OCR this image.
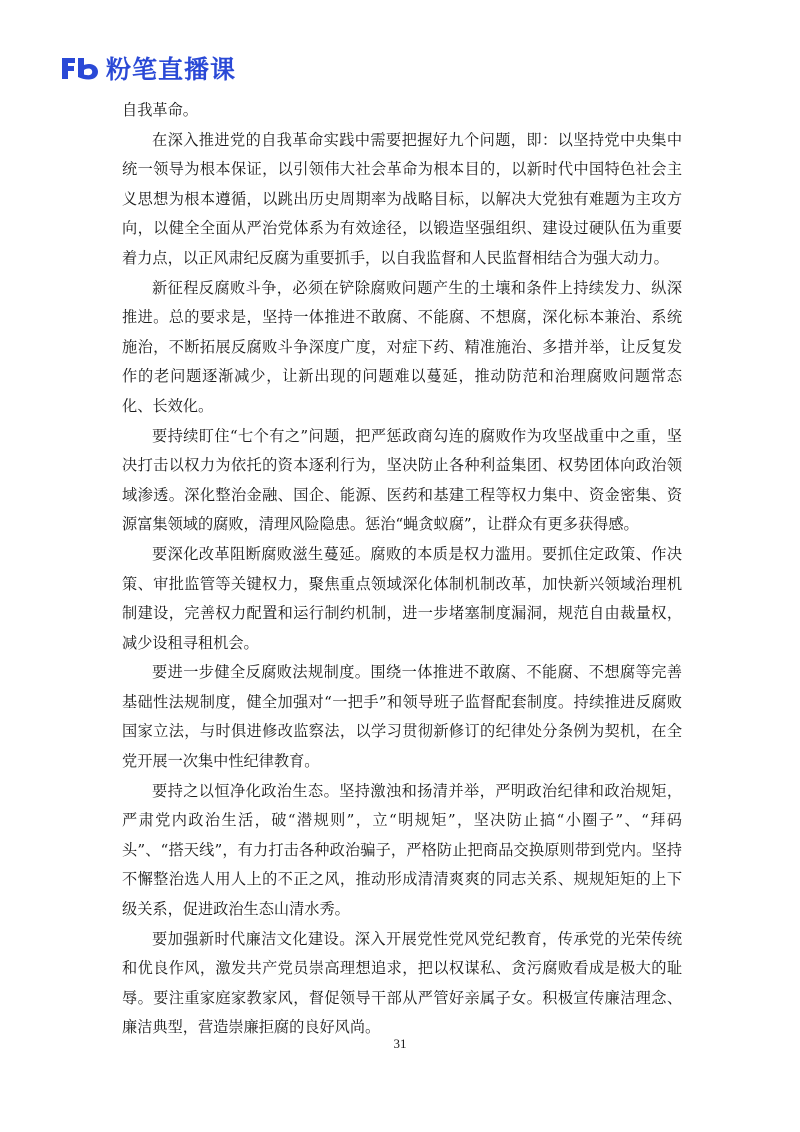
粉笔直播课

自我革命。

在深入推进党的自我革命实践中需要把握好九个问题，即：以坚持党中央集中统一领导为根本保证，以引领伟大社会革命为根本目的，以新时代中国特色社会主义思想为根本遵循，以跳出历史周期率为战略目标，以解决大党独有难题为主攻方向，以健全全面从严治党体系为有效途径，以锻造坚强组织、建设过硬队伍为重要着力点，以正风肃纪反腐为重要抓手，以自我监督和人民监督相结合为强大动力。

新征程反腐败斗争，必须在铲除腐败问题产生的土壤和条件上持续发力、纵深推进。总的要求是，坚持一体推进不敢腐、不能腐、不想腐，深化标本兼治、系统施治，不断拓展反腐败斗争深度广度，对症下药、精准施治、多措并举，让反复发作的老问题逐渐减少，让新出现的问题难以蔓延，推动防范和治理腐败问题常态化、长效化。

要持续盯住“七个有之”问题，把严惩政商勾连的腐败作为攻坚战重中之重，坚决打击以权力为依托的资本逐利行为，坚决防止各种利益集团、权势团体向政治领域渗透。深化整治金融、国企、能源、医药和基建工程等权力集中、资金密集、资源富集领域的腐败，清理风险隐患。惩治“蝇贪蚁腐”，让群众有更多获得感。

要深化改革阻断腐败滋生蔓延。腐败的本质是权力滥用。要抓住定政策、作决策、审批监管等关键权力，聚焦重点领域深化体制机制改革，加快新兴领域治理机制建设，完善权力配置和运行制约机制，进一步堵塞制度漏洞，规范自由裁量权，减少设租寻租机会。

要进一步健全反腐败法规制度。围绕一体推进不敢腐、不能腐、不想腐等完善基础性法规制度，健全加强对“一把手”和领导班子监督配套制度。持续推进反腐败国家立法，与时俱进修改监察法，以学习贯彻新修订的纪律处分条例为契机，在全党开展一次集中性纪律教育。

要持之以恒净化政治生态。坚持激浊和扬清并举，严明政治纪律和政治规矩，严肃党内政治生活，破“潜规则”，立“明规矩”，坚决防止搞“小圈子”、“拜码头”、“搭天线”，有力打击各种政治骗子，严格防止把商品交换原则带到党内。坚持不懈整治选人用人上的不正之风，推动形成清清爽爽的同志关系、规规矩矩的上下级关系，促进政治生态山清水秀。

要加强新时代廉洁文化建设。深入开展党性党风党纪教育，传承党的光荣传统和优良作风，激发共产党员崇高理想追求，把以权谋私、贪污腐败看成是极大的耻辱。要注重家庭家教家风，督促领导干部从严管好亲属子女。积极宣传廉洁理念、廉洁典型，营造崇廉拒腐的良好风尚。

31
